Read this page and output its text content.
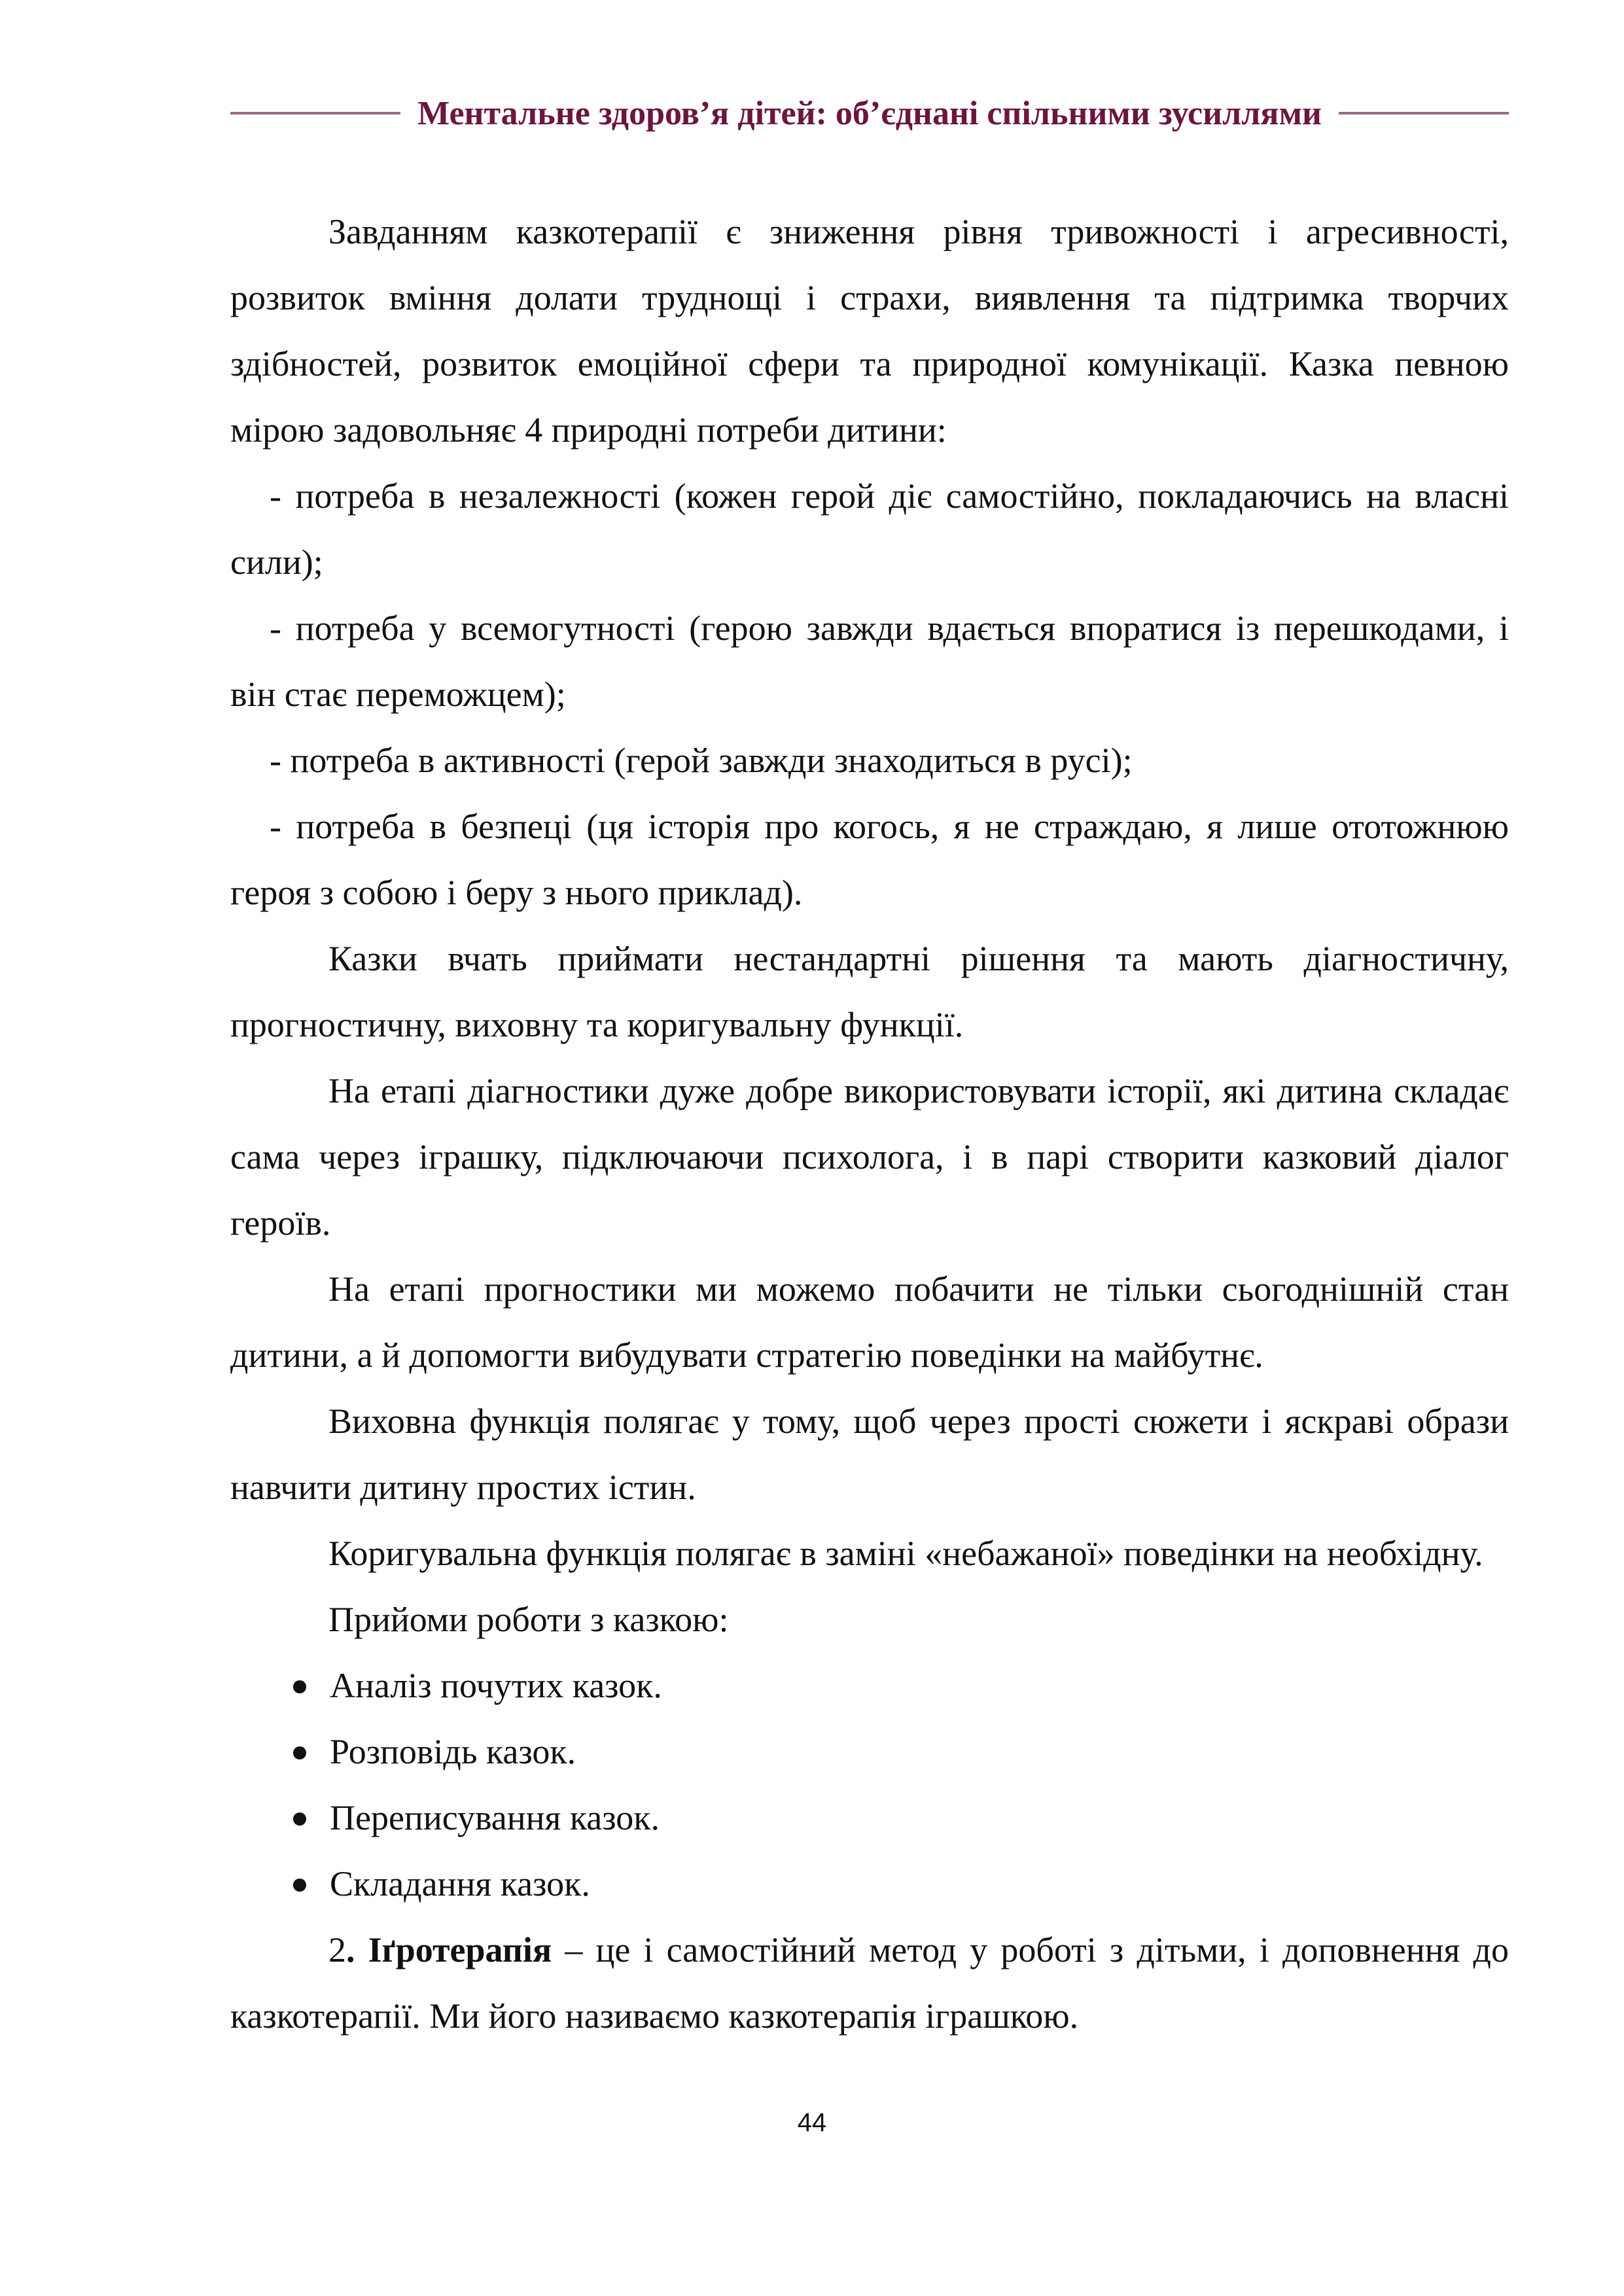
Ментальне здоров’я дітей: об’єднані спільними зусиллями

Завданням казкотерапії є зниження рівня тривожності і агресивності, розвиток вміння долати труднощі і страхи, виявлення та підтримка творчих здібностей, розвиток емоційної сфери та природної комунікації. Казка певною мірою задовольняє 4 природні потреби дитини:

- потреба в незалежності (кожен герой діє самостійно, покладаючись на власні сили);

- потреба у всемогутності (герою завжди вдається впоратися із перешкодами, і він стає переможцем);

- потреба в активності (герой завжди знаходиться в русі);

- потреба в безпеці (ця історія про когось, я не страждаю, я лише ототожнюю героя з собою і беру з нього приклад).

Казки вчать приймати нестандартні рішення та мають діагностичну, прогностичну, виховну та коригувальну функції.

На етапі діагностики дуже добре використовувати історії, які дитина складає сама через іграшку, підключаючи психолога, і в парі створити казковий діалог героїв.

На етапі прогностики ми можемо побачити не тільки сьогоднішній стан дитини, а й допомогти вибудувати стратегію поведінки на майбутнє.

Виховна функція полягає у тому, щоб через прості сюжети і яскраві образи навчити дитину простих істин.

Коригувальна функція полягає в заміні «небажаної» поведінки на необхідну.

Прийоми роботи з казкою:

Аналіз почутих казок.
Розповідь казок.
Переписування казок.
Складання казок.

2. Іґротерапія – це і самостійний метод у роботі з дітьми, і доповнення до казкотерапії. Ми його називаємо казкотерапія іграшкою.

44
